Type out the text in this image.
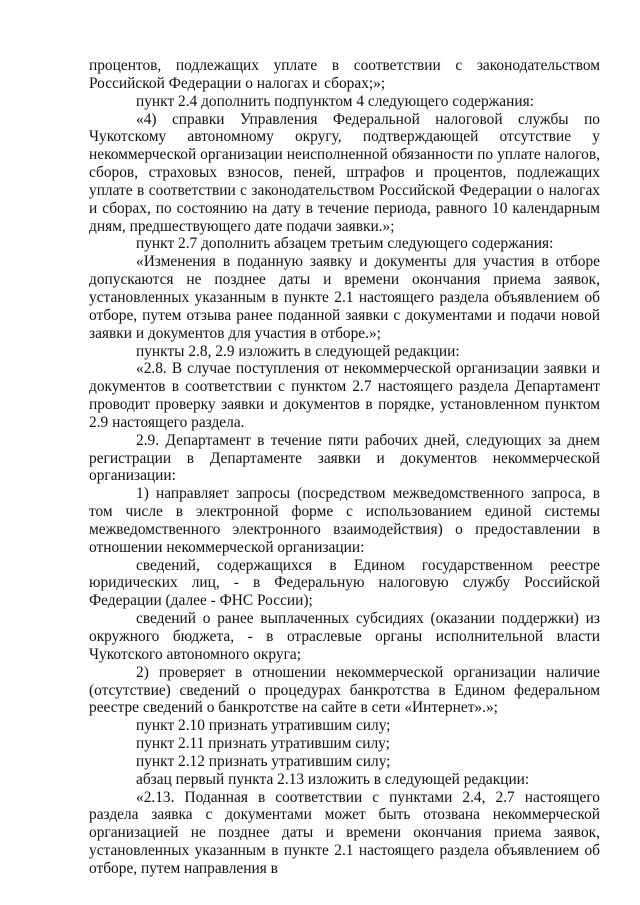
процентов, подлежащих уплате в соответствии с законодательством Российской Федерации о налогах и сборах;»;

пункт 2.4 дополнить подпунктом 4 следующего содержания:

«4) справки Управления Федеральной налоговой службы по Чукотскому автономному округу, подтверждающей отсутствие у некоммерческой организации неисполненной обязанности по уплате налогов, сборов, страховых взносов, пеней, штрафов и процентов, подлежащих уплате в соответствии с законодательством Российской Федерации о налогах и сборах, по состоянию на дату в течение периода, равного 10 календарным дням, предшествующего дате подачи заявки.»;

пункт 2.7 дополнить абзацем третьим следующего содержания:

«Изменения в поданную заявку и документы для участия в отборе допускаются не позднее даты и времени окончания приема заявок, установленных указанным в пункте 2.1 настоящего раздела объявлением об отборе, путем отзыва ранее поданной заявки с документами и подачи новой заявки и документов для участия в отборе.»;

пункты 2.8, 2.9 изложить в следующей редакции:

«2.8. В случае поступления от некоммерческой организации заявки и документов в соответствии с пунктом 2.7 настоящего раздела Департамент проводит проверку заявки и документов в порядке, установленном пунктом 2.9 настоящего раздела.

2.9. Департамент в течение пяти рабочих дней, следующих за днем регистрации в Департаменте заявки и документов некоммерческой организации:

1) направляет запросы (посредством межведомственного запроса, в том числе в электронной форме с использованием единой системы межведомственного электронного взаимодействия) о предоставлении в отношении некоммерческой организации:

сведений, содержащихся в Едином государственном реестре юридических лиц, - в Федеральную налоговую службу Российской Федерации (далее - ФНС России);

сведений о ранее выплаченных субсидиях (оказании поддержки) из окружного бюджета, - в отраслевые органы исполнительной власти Чукотского автономного округа;

2) проверяет в отношении некоммерческой организации наличие (отсутствие) сведений о процедурах банкротства в Едином федеральном реестре сведений о банкротстве на сайте в сети «Интернет».»;

пункт 2.10 признать утратившим силу;

пункт 2.11 признать утратившим силу;

пункт 2.12 признать утратившим силу;

абзац первый пункта 2.13 изложить в следующей редакции:

«2.13. Поданная в соответствии с пунктами 2.4, 2.7 настоящего раздела заявка с документами может быть отозвана некоммерческой организацией не позднее даты и времени окончания приема заявок, установленных указанным в пункте 2.1 настоящего раздела объявлением об отборе, путем направления в
